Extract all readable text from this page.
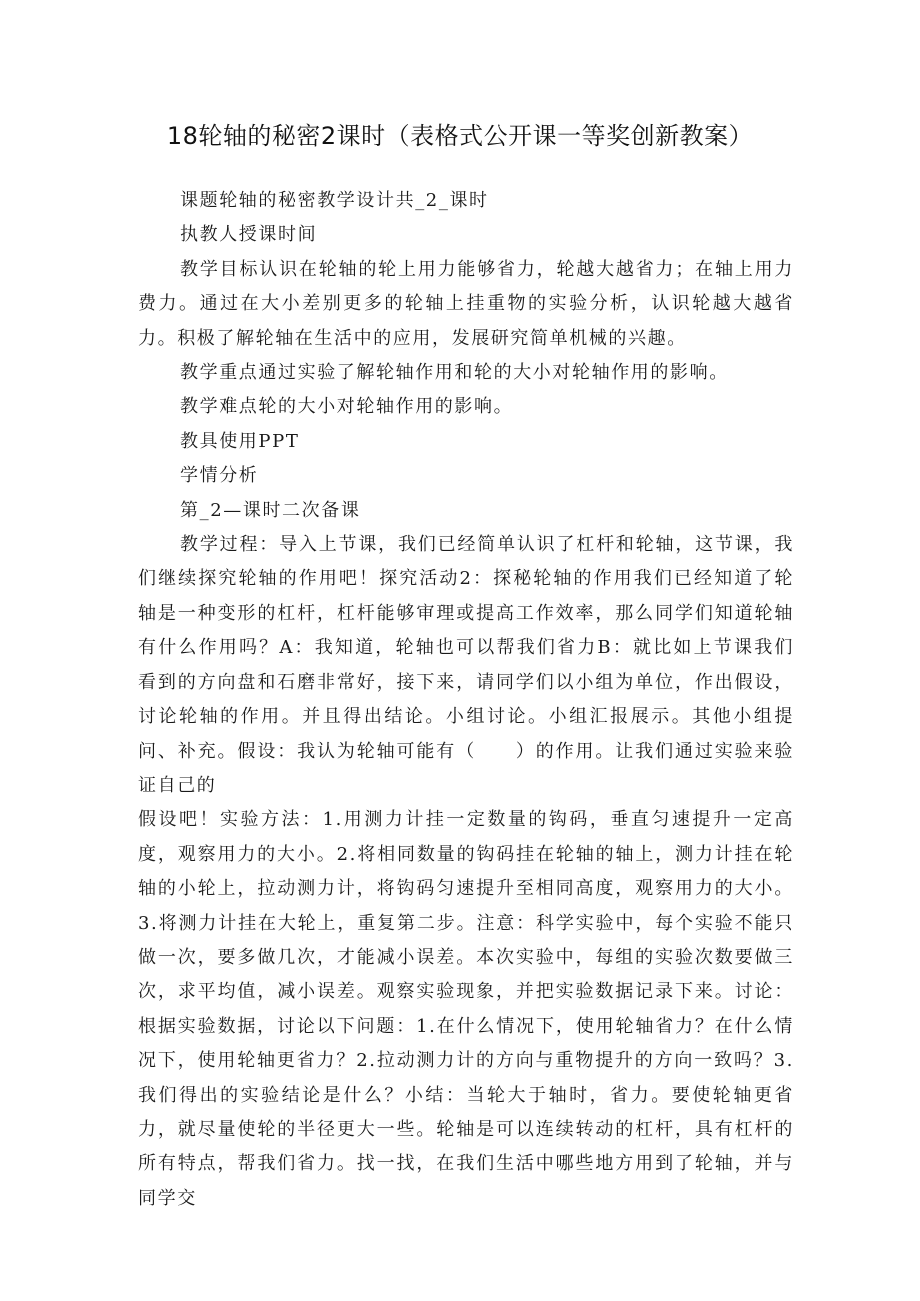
18轮轴的秘密2课时（表格式公开课一等奖创新教案）

课题轮轴的秘密教学设计共_2_课时

执教人授课时间

教学目标认识在轮轴的轮上用力能够省力，轮越大越省力；在轴上用力费力。通过在大小差别更多的轮轴上挂重物的实验分析，认识轮越大越省力。积极了解轮轴在生活中的应用，发展研究简单机械的兴趣。

教学重点通过实验了解轮轴作用和轮的大小对轮轴作用的影响。

教学难点轮的大小对轮轴作用的影响。

教具使用PPT

学情分析

第_2—课时二次备课

教学过程：导入上节课，我们已经简单认识了杠杆和轮轴，这节课，我们继续探究轮轴的作用吧！探究活动2：探秘轮轴的作用我们已经知道了轮轴是一种变形的杠杆，杠杆能够审理或提高工作效率，那么同学们知道轮轴有什么作用吗？A：我知道，轮轴也可以帮我们省力B：就比如上节课我们看到的方向盘和石磨非常好，接下来，请同学们以小组为单位，作出假设，讨论轮轴的作用。并且得出结论。小组讨论。小组汇报展示。其他小组提问、补充。假设：我认为轮轴可能有（　　）的作用。让我们通过实验来验证自己的

假设吧！实验方法：1.用测力计挂一定数量的钩码，垂直匀速提升一定高度，观察用力的大小。2.将相同数量的钩码挂在轮轴的轴上，测力计挂在轮轴的小轮上，拉动测力计，将钩码匀速提升至相同高度，观察用力的大小。3.将测力计挂在大轮上，重复第二步。注意：科学实验中，每个实验不能只做一次，要多做几次，才能减小误差。本次实验中，每组的实验次数要做三次，求平均值，减小误差。观察实验现象，并把实验数据记录下来。讨论：根据实验数据，讨论以下问题：1.在什么情况下，使用轮轴省力？在什么情况下，使用轮轴更省力？2.拉动测力计的方向与重物提升的方向一致吗？3.我们得出的实验结论是什么？小结：当轮大于轴时，省力。要使轮轴更省力，就尽量使轮的半径更大一些。轮轴是可以连续转动的杠杆，具有杠杆的所有特点，帮我们省力。找一找，在我们生活中哪些地方用到了轮轴，并与同学交
